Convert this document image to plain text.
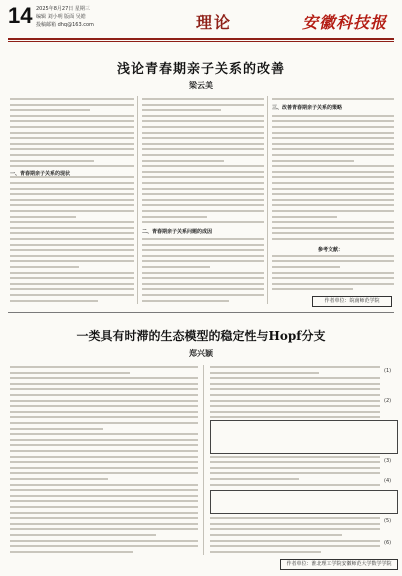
14 2025年8月27日 星期三
编辑 刘小明 版面 吴皓
投稿邮箱 dhq@163.com	理论	安徽科技报
浅论青春期亲子关系的改善
梁云美
一、青春期亲子关系的现状
二、青春期亲子关系问题的成因
三、改善青春期亲子关系的策略
参考文献：
作者单位：皖南师范学院
一类具有时滞的生态模型的稳定性与Hopf分支
郑兴颖
(1)
(2)
(3)
(4)
(5)
(6)
作者单位：淮北理工学院安徽师范大学数学学院
